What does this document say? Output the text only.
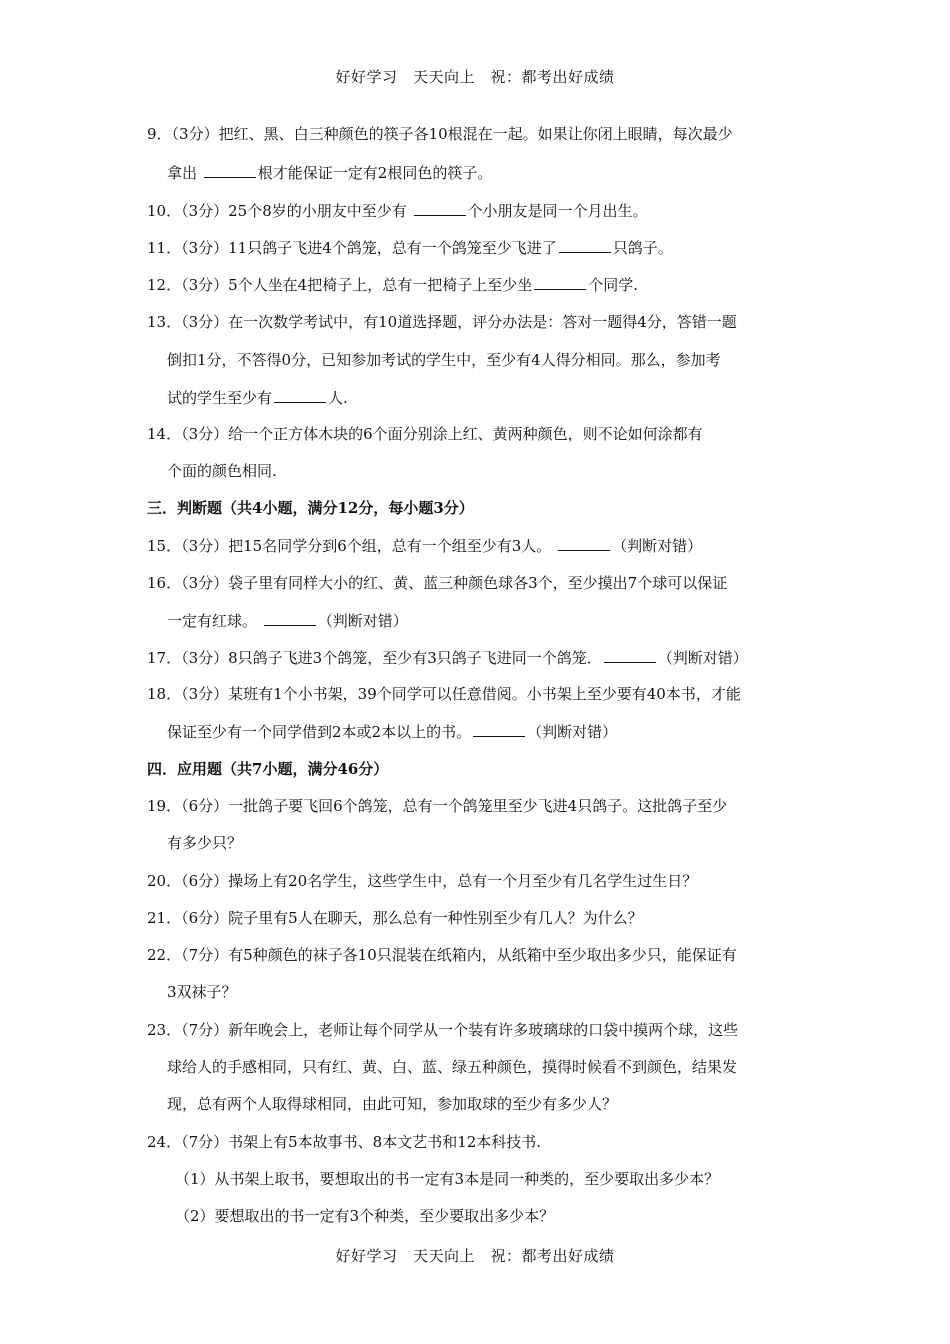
好好学习　天天向上　祝：都考出好成绩
9．（3分）把红、黑、白三种颜色的筷子各10根混在一起。如果让你闭上眼睛，每次最少
拿出	根才能保证一定有2根同色的筷子。
10．（3分）25个8岁的小朋友中至少有	个小朋友是同一个月出生。
11．（3分）11只鸽子飞进4个鸽笼，总有一个鸽笼至少飞进了	只鸽子。
12．（3分）5个人坐在4把椅子上，总有一把椅子上至少坐	个同学.
13．（3分）在一次数学考试中，有10道选择题，评分办法是：答对一题得4分，答错一题
倒扣1分，不答得0分，已知参加考试的学生中，至少有4人得分相同。那么，参加考
试的学生至少有	人.
14．（3分）给一个正方体木块的6个面分别涂上红、黄两种颜色，则不论如何涂都有
个面的颜色相同.
三．判断题（共4小题，满分12分，每小题3分）
15．（3分）把15名同学分到6个组，总有一个组至少有3人。	（判断对错）
16．（3分）袋子里有同样大小的红、黄、蓝三种颜色球各3个，至少摸出7个球可以保证
一定有红球。	（判断对错）
17．（3分）8只鸽子飞进3个鸽笼，至少有3只鸽子飞进同一个鸽笼．	（判断对错）
18．（3分）某班有1个小书架，39个同学可以任意借阅。小书架上至少要有40本书，才能
保证至少有一个同学借到2本或2本以上的书。	（判断对错）
四．应用题（共7小题，满分46分）
19．（6分）一批鸽子要飞回6个鸽笼，总有一个鸽笼里至少飞进4只鸽子。这批鸽子至少
有多少只？
20．（6分）操场上有20名学生，这些学生中，总有一个月至少有几名学生过生日？
21．（6分）院子里有5人在聊天，那么总有一种性别至少有几人？为什么？
22．（7分）有5种颜色的袜子各10只混装在纸箱内，从纸箱中至少取出多少只，能保证有
3双袜子？
23．（7分）新年晚会上，老师让每个同学从一个装有许多玻璃球的口袋中摸两个球，这些
球给人的手感相同，只有红、黄、白、蓝、绿五种颜色，摸得时候看不到颜色，结果发
现，总有两个人取得球相同，由此可知，参加取球的至少有多少人？
24．（7分）书架上有5本故事书、8本文艺书和12本科技书.
（1）从书架上取书，要想取出的书一定有3本是同一种类的，至少要取出多少本？
（2）要想取出的书一定有3个种类，至少要取出多少本？
好好学习　天天向上　祝：都考出好成绩
